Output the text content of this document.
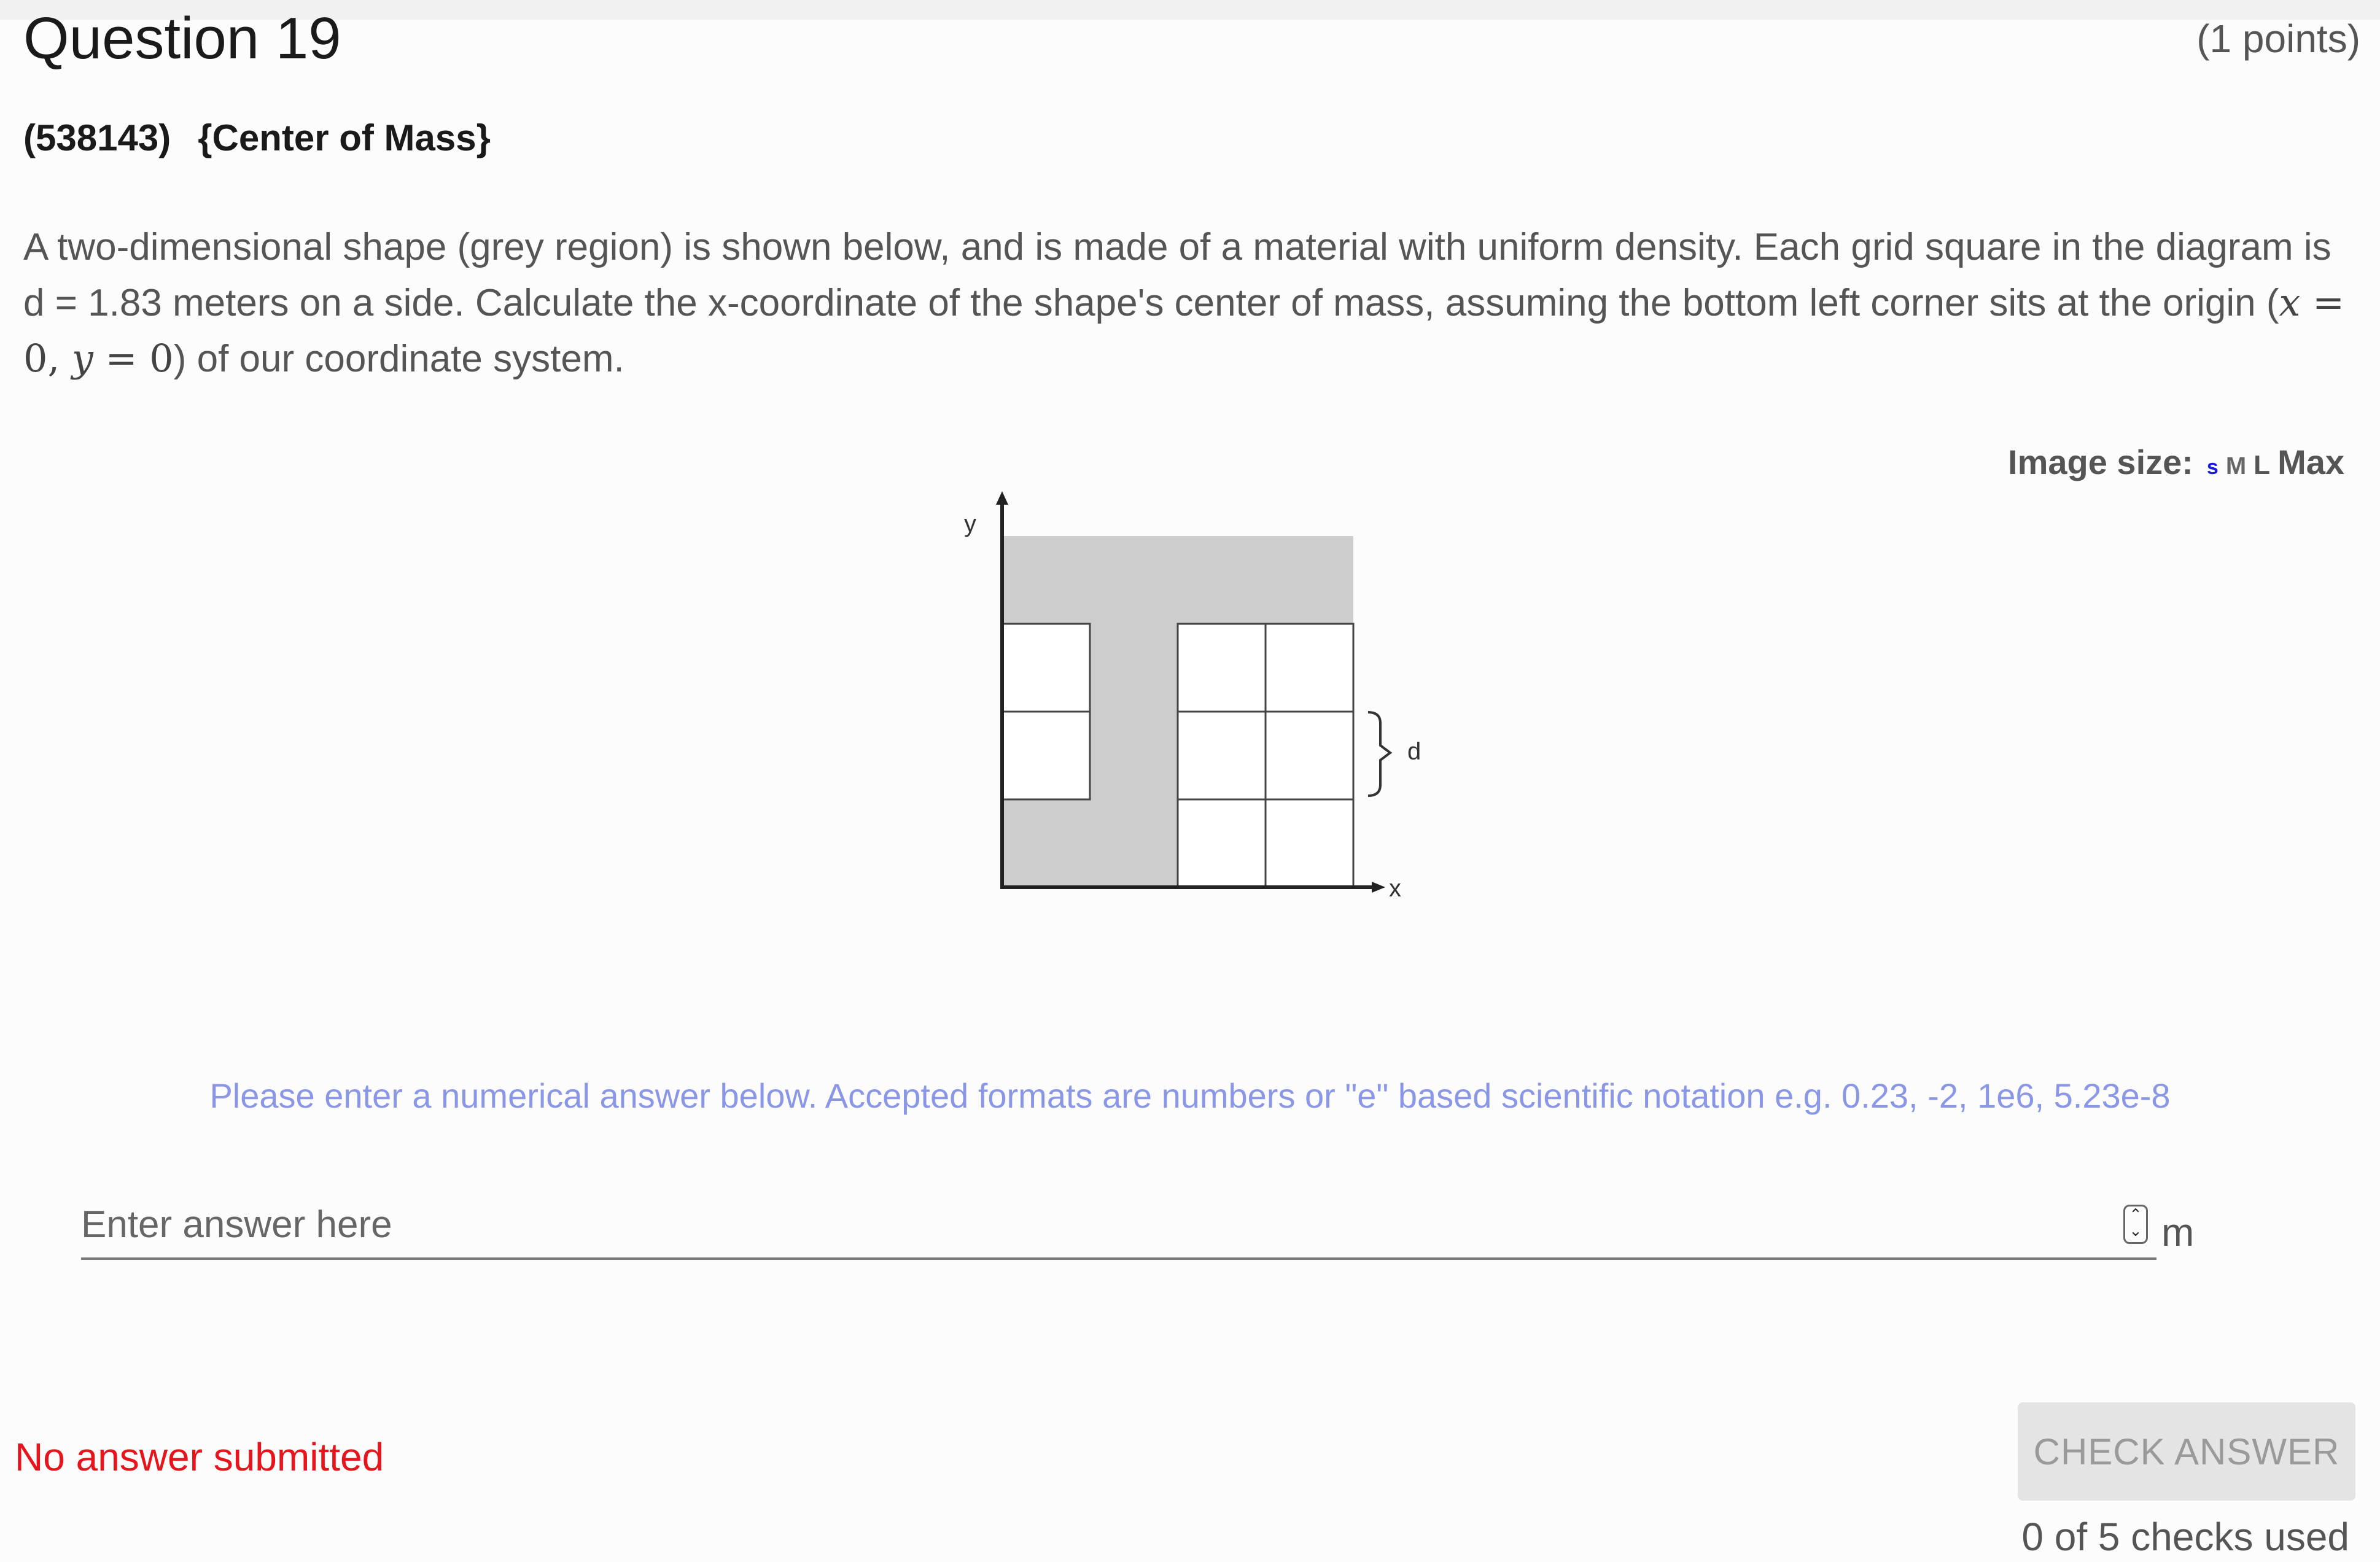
Question 19	(1 points)
(538143) {Center of Mass}
A two-dimensional shape (grey region) is shown below, and is made of a material with uniform density. Each grid square in the diagram is d = 1.83 meters on a side. Calculate the x-coordinate of the shape's center of mass, assuming the bottom left corner sits at the origin (x = 0, y = 0) of our coordinate system.
Image size: s M L Max
y
x
d
Please enter a numerical answer below. Accepted formats are numbers or "e" based scientific notation e.g. 0.23, -2, 1e6, 5.23e-8
Enter answer here
⌃
⌄ m
No answer submitted	CHECK ANSWER
0 of 5 checks used
